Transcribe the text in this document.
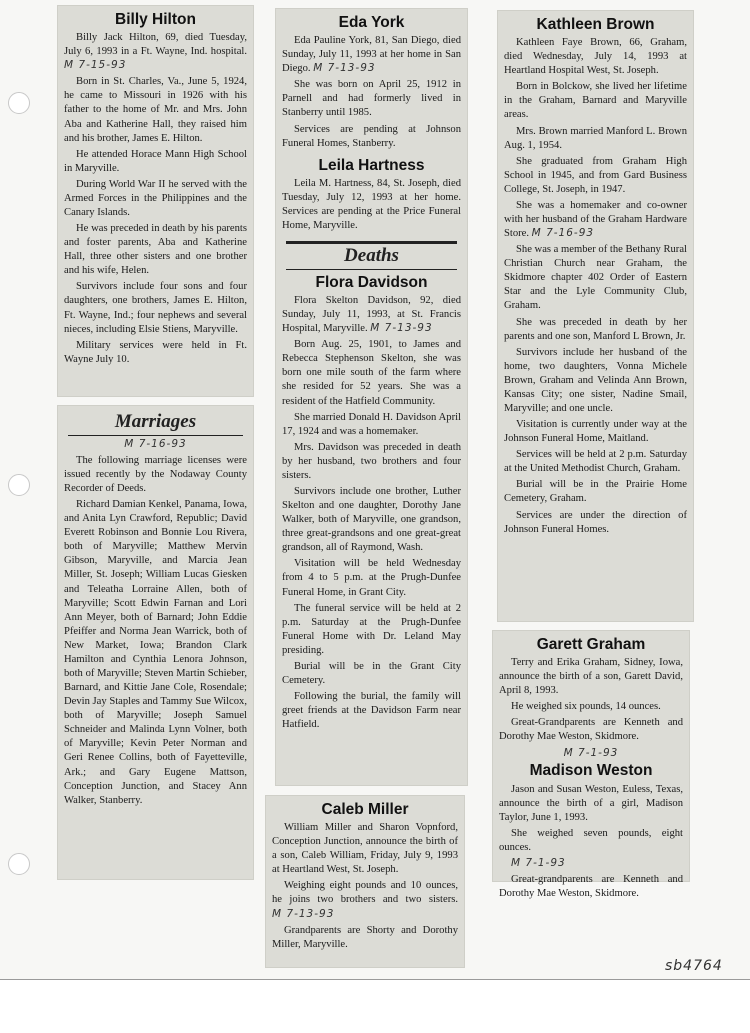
Billy Hilton

Billy Jack Hilton, 69, died Tuesday, July 6, 1993 in a Ft. Wayne, Ind. hospital. M 7-15-93

Born in St. Charles, Va., June 5, 1924, he came to Missouri in 1926 with his father to the home of Mr. and Mrs. John Aba and Katherine Hall, they raised him and his brother, James E. Hilton.

He attended Horace Mann High School in Maryville.

During World War II he served with the Armed Forces in the Philippines and the Canary Islands.

He was preceded in death by his parents and foster parents, Aba and Katherine Hall, three other sisters and one brother and his wife, Helen.

Survivors include four sons and four daughters, one brothers, James E. Hilton, Ft. Wayne, Ind.; four nephews and several nieces, including Elsie Stiens, Maryville.

Military services were held in Ft. Wayne July 10.

Marriages
M 7-16-93

The following marriage licenses were issued recently by the Nodaway County Recorder of Deeds.

Richard Damian Kenkel, Panama, Iowa, and Anita Lyn Crawford, Republic; David Everett Robinson and Bonnie Lou Rivera, both of Maryville; Matthew Mervin Gibson, Maryville, and Marcia Jean Miller, St. Joseph; William Lucas Giesken and Teleatha Lorraine Allen, both of Maryville; Scott Edwin Farnan and Lori Ann Meyer, both of Barnard; John Eddie Pfeiffer and Norma Jean Warrick, both of New Market, Iowa; Brandon Clark Hamilton and Cynthia Lenora Johnson, both of Maryville; Steven Martin Schieber, Barnard, and Kittie Jane Cole, Rosendale; Devin Jay Staples and Tammy Sue Wilcox, both of Maryville; Joseph Samuel Schneider and Malinda Lynn Volner, both of Maryville; Kevin Peter Norman and Geri Renee Collins, both of Fayetteville, Ark.; and Gary Eugene Mattson, Conception Junction, and Stacey Ann Walker, Stanberry.

Eda York

Eda Pauline York, 81, San Diego, died Sunday, July 11, 1993 at her home in San Diego. M 7-13-93

She was born on April 25, 1912 in Parnell and had formerly lived in Stanberry until 1985.

Services are pending at Johnson Funeral Homes, Stanberry.

Leila Hartness

Leila M. Hartness, 84, St. Joseph, died Tuesday, July 12, 1993 at her home. Services are pending at the Price Funeral Home, Maryville.

Deaths
Flora Davidson

Flora Skelton Davidson, 92, died Sunday, July 11, 1993, at St. Francis Hospital, Maryville. M 7-13-93

Born Aug. 25, 1901, to James and Rebecca Stephenson Skelton, she was born one mile south of the farm where she resided for 52 years. She was a resident of the Hatfield Community.

She married Donald H. Davidson April 17, 1924 and was a homemaker.

Mrs. Davidson was preceded in death by her husband, two brothers and four sisters.

Survivors include one brother, Luther Skelton and one daughter, Dorothy Jane Walker, both of Maryville, one grandson, three great-grandsons and one great-great grandson, all of Raymond, Wash.

Visitation will be held Wednesday from 4 to 5 p.m. at the Prugh-Dunfee Funeral Home, in Grant City.

The funeral service will be held at 2 p.m. Saturday at the Prugh-Dunfee Funeral Home with Dr. Leland May presiding.

Burial will be in the Grant City Cemetery.

Following the burial, the family will greet friends at the Davidson Farm near Hatfield.

Caleb Miller

William Miller and Sharon Vopnford, Conception Junction, announce the birth of a son, Caleb William, Friday, July 9, 1993 at Heartland West, St. Joseph.

Weighing eight pounds and 10 ounces, he joins two brothers and two sisters. M 7-13-93

Grandparents are Shorty and Dorothy Miller, Maryville.

Kathleen Brown

Kathleen Faye Brown, 66, Graham, died Wednesday, July 14, 1993 at Heartland Hospital West, St. Joseph.

Born in Bolckow, she lived her lifetime in the Graham, Barnard and Maryville areas.

Mrs. Brown married Manford L. Brown Aug. 1, 1954.

She graduated from Graham High School in 1945, and from Gard Business College, St. Joseph, in 1947.

She was a homemaker and co-owner with her husband of the Graham Hardware Store. M 7-16-93

She was a member of the Bethany Rural Christian Church near Graham, the Skidmore chapter 402 Order of Eastern Star and the Lyle Community Club, Graham.

She was preceded in death by her parents and one son, Manford L Brown, Jr.

Survivors include her husband of the home, two daughters, Vonna Michele Brown, Graham and Velinda Ann Brown, Kansas City; one sister, Nadine Smail, Maryville; and one uncle.

Visitation is currently under way at the Johnson Funeral Home, Maitland.

Services will be held at 2 p.m. Saturday at the United Methodist Church, Graham.

Burial will be in the Prairie Home Cemetery, Graham.

Services are under the direction of Johnson Funeral Homes.

Garett Graham

Terry and Erika Graham, Sidney, Iowa, announce the birth of a son, Garett David, April 8, 1993.

He weighed six pounds, 14 ounces.

Great-Grandparents are Kenneth and Dorothy Mae Weston, Skidmore.

M 7-1-93
Madison Weston

Jason and Susan Weston, Euless, Texas, announce the birth of a girl, Madison Taylor, June 1, 1993.

She weighed seven pounds, eight ounces.

M 7-1-93

Great-grandparents are Kenneth and Dorothy Mae Weston, Skidmore.

sb4764
